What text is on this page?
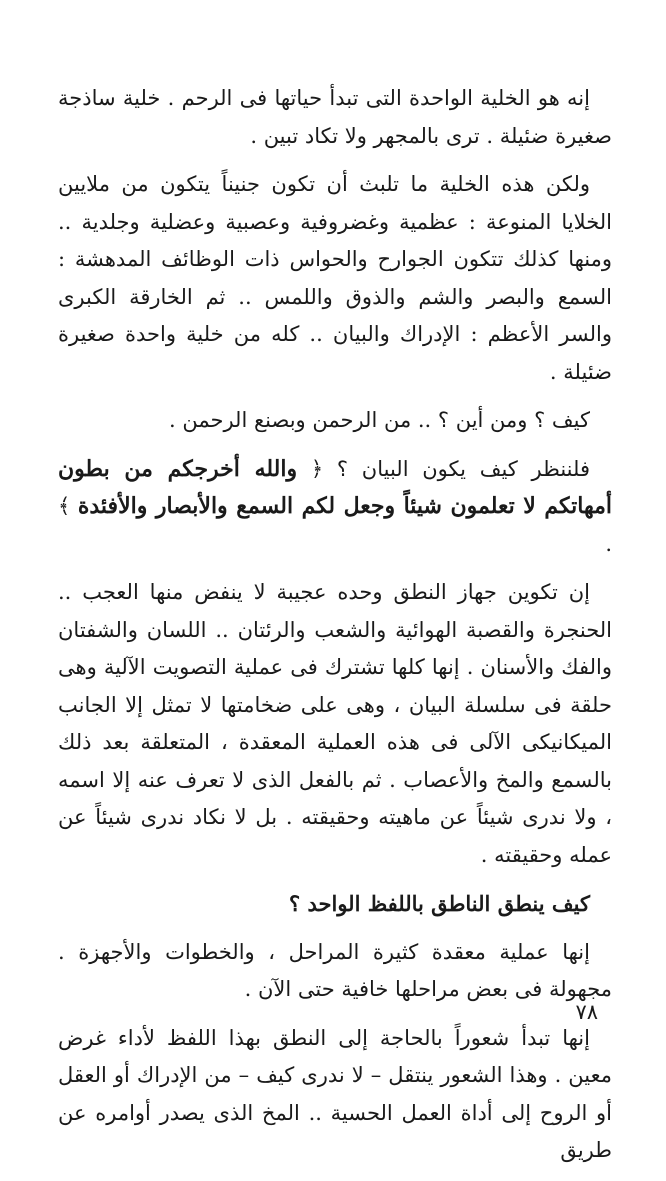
إنه هو الخلية الواحدة التى تبدأ حياتها فى الرحم . خلية ساذجة صغيرة ضئيلة . ترى بالمجهر ولا تكاد تبين .

ولكن هذه الخلية ما تلبث أن تكون جنيناً يتكون من ملايين الخلايا المنوعة : عظمية وغضروفية وعصبية وعضلية وجلدية .. ومنها كذلك تتكون الجوارح والحواس ذات الوظائف المدهشة : السمع والبصر والشم والذوق واللمس .. ثم الخارقة الكبرى والسر الأعظم : الإدراك والبيان .. كله من خلية واحدة صغيرة ضئيلة .

كيف ؟ ومن أين ؟ .. من الرحمن وبصنع الرحمن .

فلننظر كيف يكون البيان ؟ ﴿ والله أخرجكم من بطون أمهاتكم لا تعلمون شيئاً وجعل لكم السمع والأبصار والأفئدة ﴾ .

إن تكوين جهاز النطق وحده عجيبة لا ينفض منها العجب .. الحنجرة والقصبة الهوائية والشعب والرئتان .. اللسان والشفتان والفك والأسنان . إنها كلها تشترك فى عملية التصويت الآلية وهى حلقة فى سلسلة البيان ، وهى على ضخامتها لا تمثل إلا الجانب الميكانيكى الآلى فى هذه العملية المعقدة ، المتعلقة بعد ذلك بالسمع والمخ والأعصاب . ثم بالفعل الذى لا تعرف عنه إلا اسمه ، ولا ندرى شيئاً عن ماهيته وحقيقته . بل لا نكاد ندرى شيئاً عن عمله وحقيقته .

كيف ينطق الناطق باللفظ الواحد ؟

إنها عملية معقدة كثيرة المراحل ، والخطوات والأجهزة . مجهولة فى بعض مراحلها خافية حتى الآن .

إنها تبدأ شعوراً بالحاجة إلى النطق بهذا اللفظ لأداء غرض معين . وهذا الشعور ينتقل – لا ندرى كيف – من الإدراك أو العقل أو الروح إلى أداة العمل الحسية .. المخ الذى يصدر أوامره عن طريق

٧٨
